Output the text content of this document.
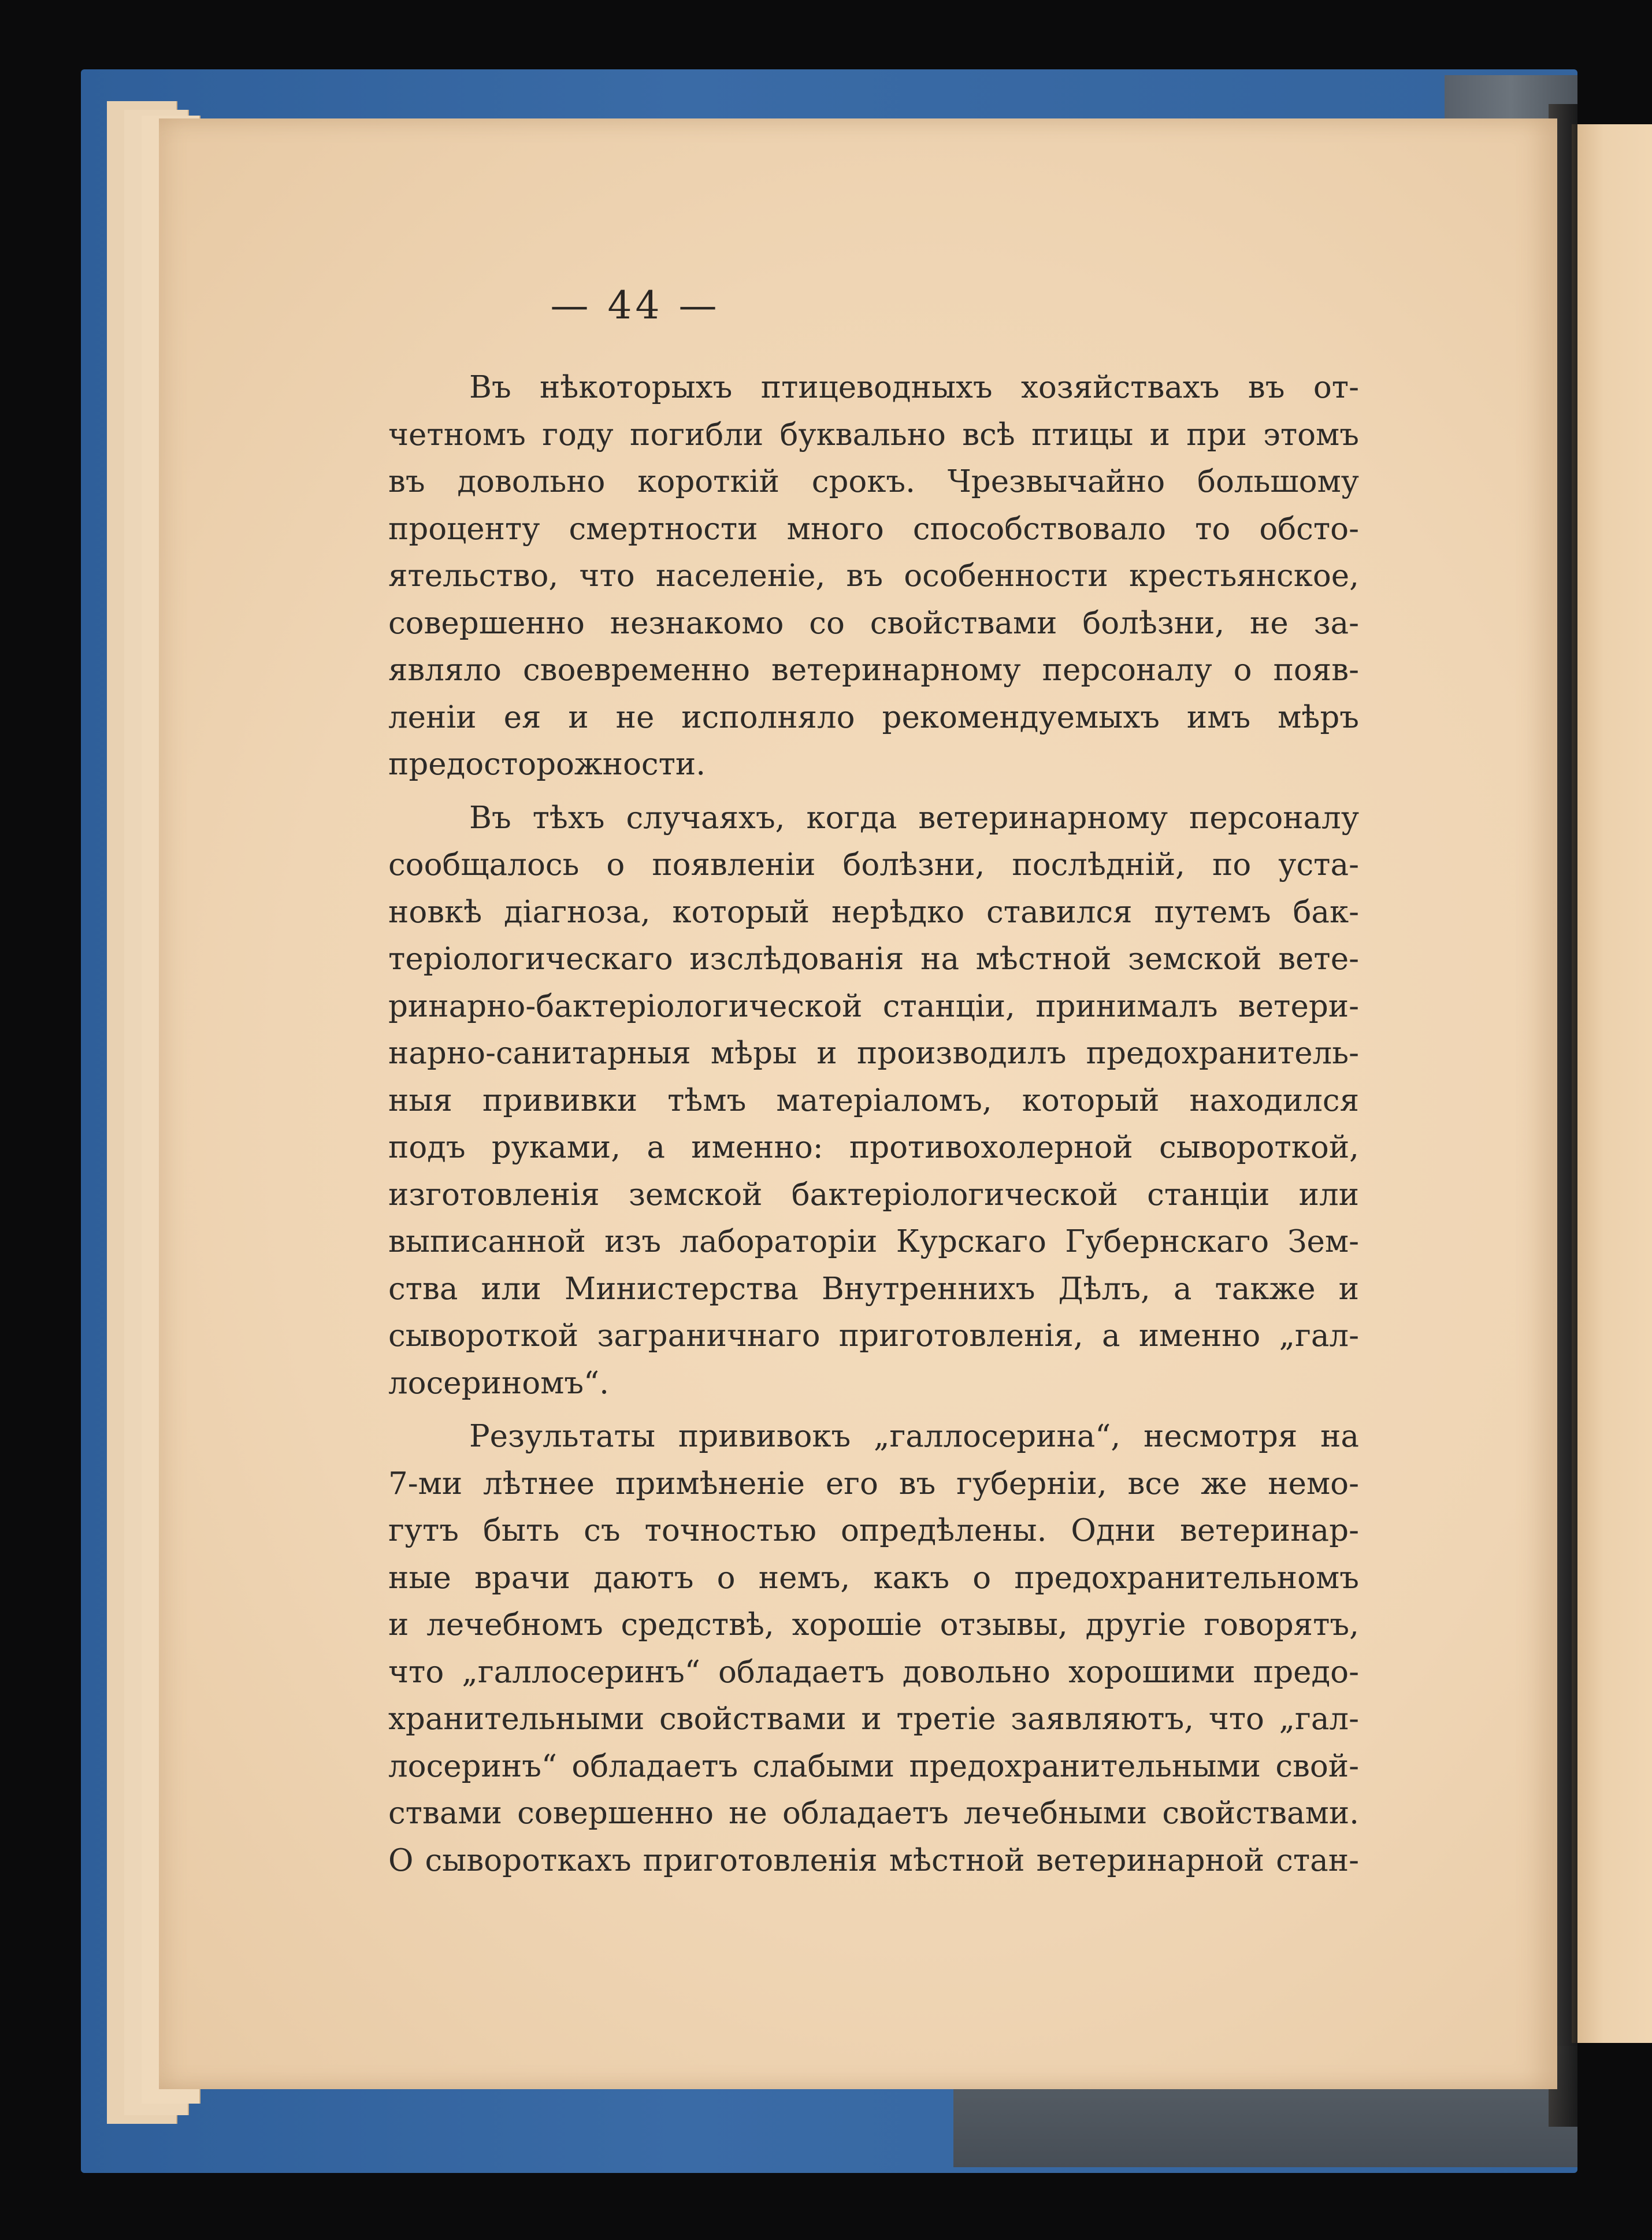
— 44 —
Въ нѣкоторыхъ птицеводныхъ хозяйствахъ въ от-
четномъ году погибли буквально всѣ птицы и при этомъ
въ довольно короткій срокъ. Чрезвычайно большому
проценту смертности много способствовало то обсто-
ятельство, что населеніе, въ особенности крестьянское,
совершенно незнакомо со свойствами болѣзни, не за-
являло своевременно ветеринарному персоналу о появ-
леніи ея и не исполняло рекомендуемыхъ имъ мѣръ
предосторожности.
Въ тѣхъ случаяхъ, когда ветеринарному персоналу
сообщалось о появленіи болѣзни, послѣдній, по уста-
новкѣ діагноза, который нерѣдко ставился путемъ бак-
теріологическаго изслѣдованія на мѣстной земской вете-
ринарно-бактеріологической станціи, принималъ ветери-
нарно-санитарныя мѣры и производилъ предохранитель-
ныя прививки тѣмъ матеріаломъ, который находился
подъ руками, а именно: противохолерной сывороткой,
изготовленія земской бактеріологической станціи или
выписанной изъ лабораторіи Курскаго Губернскаго Зем-
ства или Министерства Внутреннихъ Дѣлъ, а также и
сывороткой заграничнаго приготовленія, а именно „гал-
лосериномъ“.
Результаты прививокъ „галлосерина“, несмотря на
7-ми лѣтнее примѣненіе его въ губерніи, все же немо-
гутъ быть съ точностью опредѣлены. Одни ветеринар-
ные врачи даютъ о немъ, какъ о предохранительномъ
и лечебномъ средствѣ, хорошіе отзывы, другіе говорятъ,
что „галлосеринъ“ обладаетъ довольно хорошими предо-
хранительными свойствами и третіе заявляютъ, что „гал-
лосеринъ“ обладаетъ слабыми предохранительными свой-
ствами совершенно не обладаетъ лечебными свойствами.
О сывороткахъ приготовленія мѣстной ветеринарной стан-
